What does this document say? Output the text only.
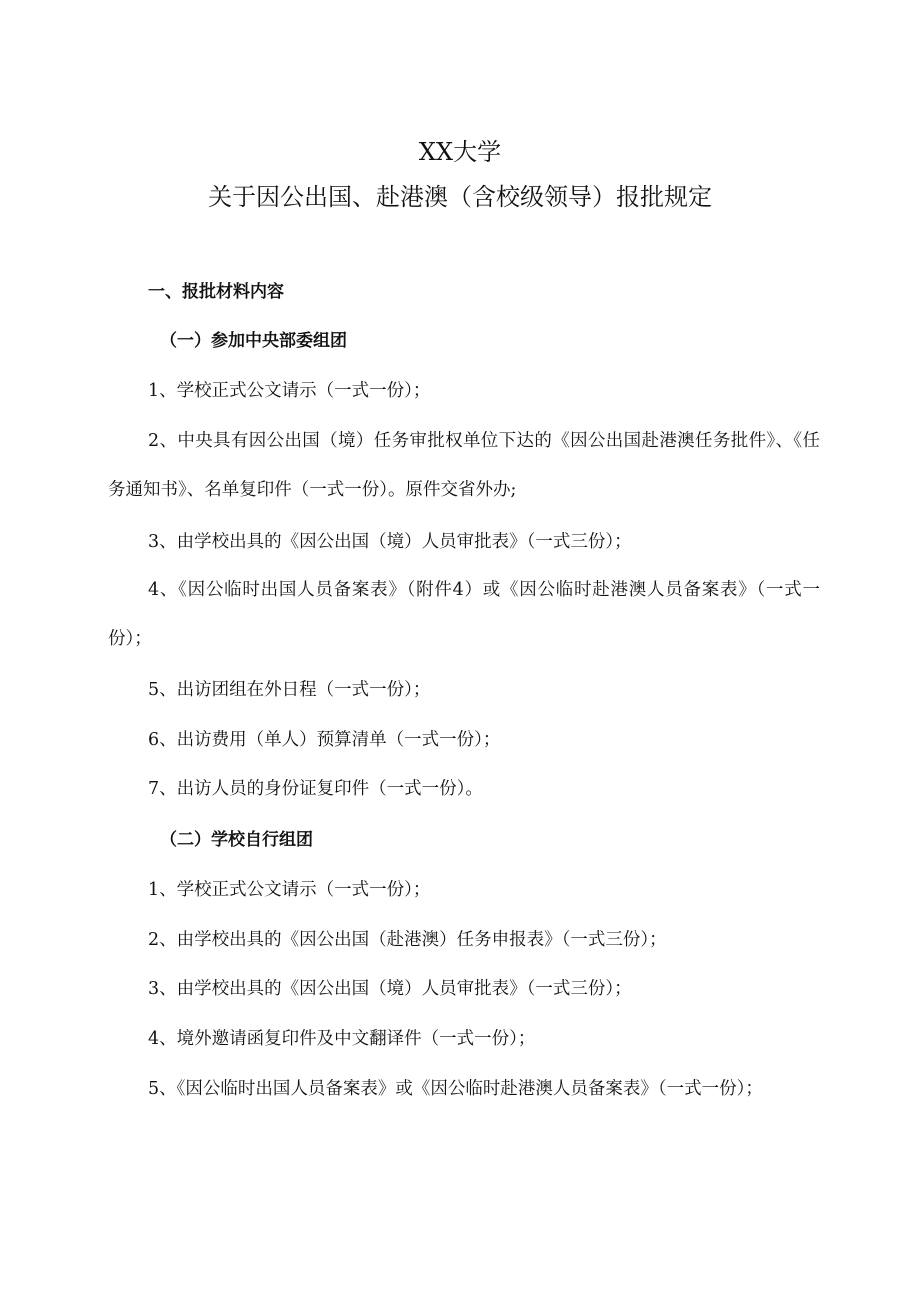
XX大学
关于因公出国、赴港澳（含校级领导）报批规定

一、报批材料内容

（一）参加中央部委组团

1、学校正式公文请示（一式一份）；

2、中央具有因公出国（境）任务审批权单位下达的《因公出国赴港澳任务批件》、《任务通知书》、名单复印件（一式一份）。原件交省外办;

3、由学校出具的《因公出国（境）人员审批表》（一式三份）；

4、《因公临时出国人员备案表》（附件4）或《因公临时赴港澳人员备案表》（一式一份）；

5、出访团组在外日程（一式一份）；

6、出访费用（单人）预算清单（一式一份）；

7、出访人员的身份证复印件（一式一份）。

（二）学校自行组团

1、学校正式公文请示（一式一份）；

2、由学校出具的《因公出国（赴港澳）任务申报表》（一式三份）；

3、由学校出具的《因公出国（境）人员审批表》（一式三份）；

4、境外邀请函复印件及中文翻译件（一式一份）；

5、《因公临时出国人员备案表》或《因公临时赴港澳人员备案表》（一式一份）；
